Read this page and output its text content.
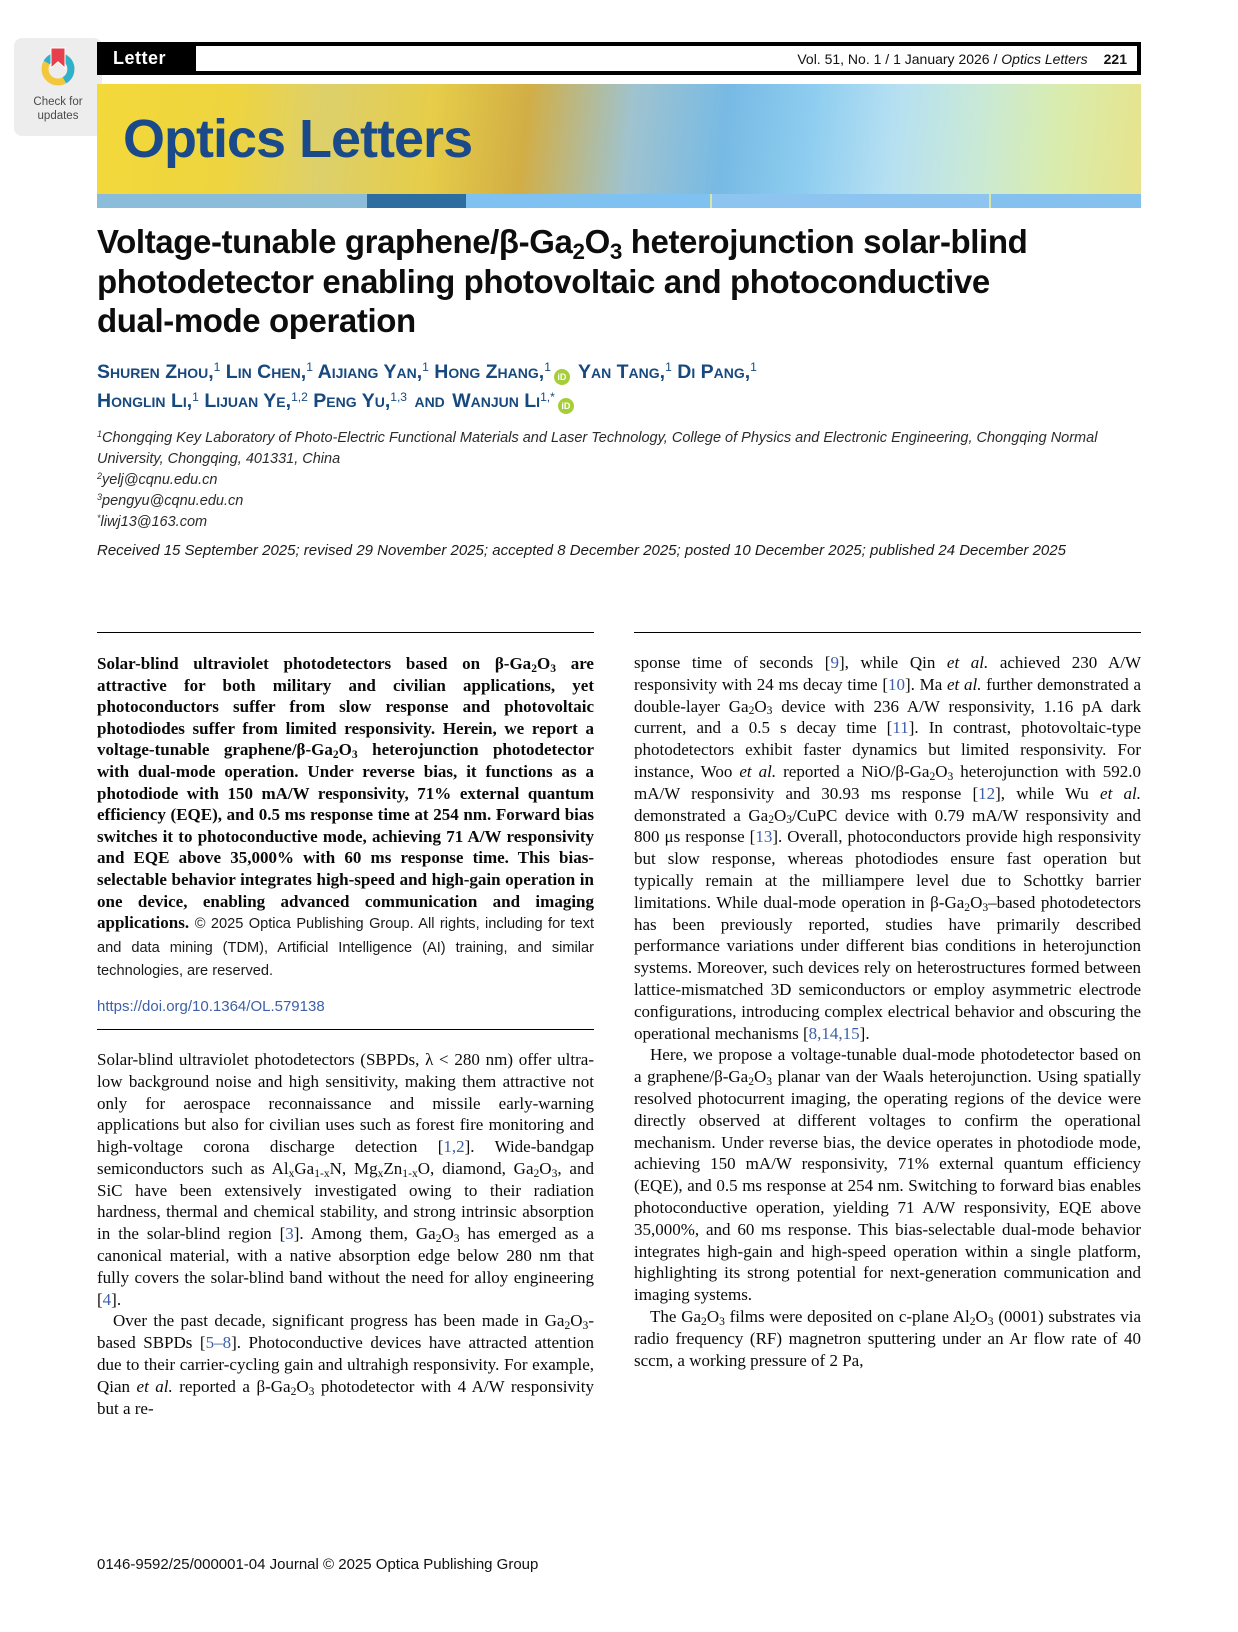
Check for updates
Letter	Vol. 51, No. 1 / 1 January 2026 / Optics Letters 221
Optics Letters
Voltage-tunable graphene/$\beta-Ga_2O_3$ heterojunction solar-blind photodetector enabling photovoltaic and photoconductive dual-mode operation
Shuren Zhou,$^1$ Lin Chen,$^1$ Aijiang Yan,$^1$ Hong Zhang,$^1$iD Yan Tang,$^1$ Di Pang,$^1$
Honglin Li,$^1$ Lijuan Ye,$^{1,2}$ Peng Yu,$^{1,3}$ and Wanjun $Li^{1,*}iD$

$^1$Chongqing Key Laboratory of Photo-Electric Functional Materials and Laser Technology, College of Physics and Electronic Engineering, Chongqing Normal University, Chongqing, 401331, China

$^2$yelj@cqnu.edu.cn

$^3$pengyu@cqnu.edu.cn

*liwj13@163.com

Received 15 September 2025; revised 29 November 2025; accepted 8 December 2025; posted 10 December 2025; published 24 December 2025

Solar-blind ultraviolet photodetectors based on $\beta-Ga_2O_3$ are attractive for both military and civilian applications, yet photoconductors suffer from slow response and photovoltaic photodiodes suffer from limited responsivity. Herein, we report a voltage-tunable graphene/$\beta-Ga_2O_3$ heterojunction photodetector with dual-mode operation. Under reverse bias, it functions as a photodiode with 150 mA/W responsivity, 71% external quantum efficiency (EQE), and 0.5 ms response time at 254 nm. Forward bias switches it to photoconductive mode, achieving 71 A/W responsivity and EQE above 35,000% with 60 ms response time. This bias-selectable behavior integrates high-speed and high-gain operation in one device, enabling advanced communication and imaging applications. © 2025 Optica Publishing Group. All rights, including for text and data mining (TDM), Artificial Intelligence (AI) training, and similar technologies, are reserved.

https://doi.org/10.1364/OL.579138

Solar-blind ultraviolet photodetectors (SBPDs, λ < 280 nm) offer ultra-low background noise and high sensitivity, making them attractive not only for aerospace reconnaissance and missile early-warning applications but also for civilian uses such as forest fire monitoring and high-voltage corona discharge detection [1,2]. Wide-bandgap semiconductors such as $Al_xGa_{1-x}N$, $Mg_xZn_{1-x}O$, diamond, $Ga_2O_3$, and SiC have been extensively investigated owing to their radiation hardness, thermal and chemical stability, and strong intrinsic absorption in the solar-blind region [3]. Among them, $Ga_2O_3$ has emerged as a canonical material, with a native absorption edge below 280 nm that fully covers the solar-blind band without the need for alloy engineering [4].

Over the past decade, significant progress has been made in $Ga_2O_3$-based SBPDs [5–8]. Photoconductive devices have attracted attention due to their carrier-cycling gain and ultrahigh responsivity. For example, Qian et al. reported a $\beta-Ga_2O_3$ photodetector with 4 A/W responsivity but a re-

sponse time of seconds [9], while Qin et al. achieved 230 A/W responsivity with 24 ms decay time [10]. Ma et al. further demonstrated a double-layer $Ga_2O_3$ device with 236 A/W responsivity, 1.16 pA dark current, and a 0.5 s decay time [11]. In contrast, photovoltaic-type photodetectors exhibit faster dynamics but limited responsivity. For instance, Woo et al. reported a NiO/$\beta-Ga_2O_3$ heterojunction with 592.0 mA/W responsivity and 30.93 ms response [12], while Wu et al. demonstrated a $Ga_2O_3$/CuPC device with 0.79 mA/W responsivity and 800 μs response [13]. Overall, photoconductors provide high responsivity but slow response, whereas photodiodes ensure fast operation but typically remain at the milliampere level due to Schottky barrier limitations. While dual-mode operation in $\beta-Ga_2O_3$–based photodetectors has been previously reported, studies have primarily described performance variations under different bias conditions in heterojunction systems. Moreover, such devices rely on heterostructures formed between lattice-mismatched 3D semiconductors or employ asymmetric electrode configurations, introducing complex electrical behavior and obscuring the operational mechanisms [8,14,15].

Here, we propose a voltage-tunable dual-mode photodetector based on a graphene/$\beta-Ga_2O_3$ planar van der Waals heterojunction. Using spatially resolved photocurrent imaging, the operating regions of the device were directly observed at different voltages to confirm the operational mechanism. Under reverse bias, the device operates in photodiode mode, achieving 150 mA/W responsivity, 71% external quantum efficiency (EQE), and 0.5 ms response at 254 nm. Switching to forward bias enables photoconductive operation, yielding 71 A/W responsivity, EQE above 35,000%, and 60 ms response. This bias-selectable dual-mode behavior integrates high-gain and high-speed operation within a single platform, highlighting its strong potential for next-generation communication and imaging systems.

The $Ga_2O_3$ films were deposited on c-plane $Al_2O_3$ (0001) substrates via radio frequency (RF) magnetron sputtering under an Ar flow rate of 40 sccm, a working pressure of 2 Pa,

0146-9592/25/000001-04 Journal © 2025 Optica Publishing Group
